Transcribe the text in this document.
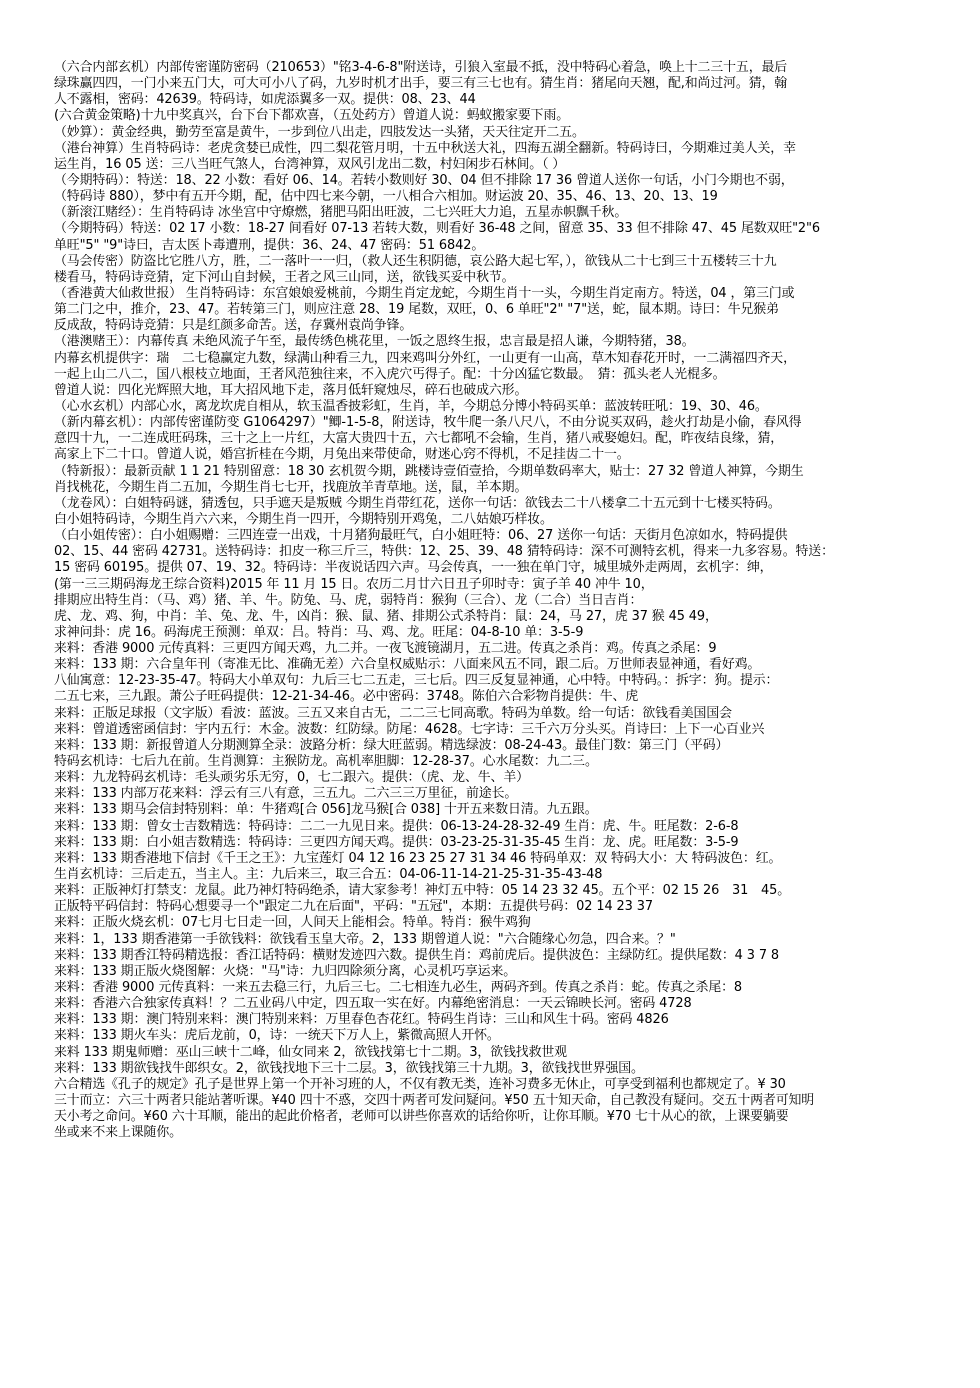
（六合内部玄机）内部传密谨防密码（210653）"铭3-4-6-8"附送诗，引狼入室最不抵，没中特码心着急，唤上十二三十五，最后

绿珠赢四四，一门小来五门大，可大可小八了码，九岁时机才出手，要三有三七也有。猜生肖：猪尾向天翘，配,和尚过河。猜，翰

人不露相，密码：42639。特码诗，如虎添翼多一双。提供：08、23、44

(六合黄金策略)十九中奖真兴，台下台下都欢喜，（五处药方）曾道人说：蚂蚁搬家要下雨。

（妙算）：黄金经典，勤劳至富是黄牛，一步到位八出走，四肢发达一头猪，天天往定开二五。

（港台神算）生肖特码诗：老虎贪婪已成性，四二梨花管月明，十五中秋送大礼，四海五湖全翻新。特码诗曰，今期难过美人关，幸

运生肖，16 05 送：三八当旺气煞人，台湾神算，双风引龙出二数，村妇闲步石林间。（ ）

（今期特码）：特送：18、22 小数：看好 06、14。若转小数则好 30、04 但不排除 17 36 曾道人送你一句话，小门今期也不弱，

（特码诗 880），梦中有五开今期，配，估中四七来今朝，一八相合六相加。财运波 20、35、46、13、20、13、19

（新滚江赌经）：生肖特码诗 冰坐宫中守燎燃，猪肥马阳出旺波，二七兴旺大力追，五星赤帜飘千秋。

（今期特码）特送：02 17 小数：18-27 间看好 07-13 若转大数，则看好 36-48 之间，留意 35、33 但不排除 47、45 尾数双旺"2"6

单旺"5" "9"诗曰，吉太医卜毒遭刑，提供：36、24、47 密码：51 6842。

（马会传密）防盗比它胜八方，胜，二一落叶一一归，（救人还生积阴德，哀公路大起七军，），欲钱从二十七到三十五楼转三十九

楼看马，特码诗竞猜，定下河山自封候，王者之风三山同，送，欲钱买妥中秋节。

（香港黄大仙救世报） 生肖特码诗：东宫娘娘爱桃前，今期生肖定龙蛇，今期生肖十一头，今期生肖定南方。特送，04 ，第三门或

第二门之中，推介，23、47。若转第三门，则应注意 28、19 尾数，双旺，0、6 单旺"2" "7"送，蛇，鼠本期。诗曰：牛兄猴弟

反成敌，特码诗竞猜：只是红颜多命苦。送，存冀州袁尚争锋。

（港澳赌王）：内幕传真 未绝风流子午至，最传绣色桃花里，一饭之恩终生报，忠言最是招人谦，今期特猪，38。

内幕玄机提供字：瑞　二七稳赢定九数，绿满山种看三九，四来鸡叫分外红，一山更有一山高，草木知春花开时，一二满福四齐天，

一起上山二八二，国八根枝立地面，王者风范独往来，不入虎穴丐得子。配：十分凶猛它数最。　猜：孤头老人光棍多。

曾道人说：四化光辉照大地，耳大招风地下走，落月低轩窥烛尽，碎石也破成六形。

（心水玄机）内部心水，离龙坎虎自相从，软玉温香披彩虹，生肖，羊，今期总分博小特码买单：蓝波转旺吼：19、30、46。

（新内幕玄机）：内部传密谨防变 G1064297）"鲫-1-5-8，附送诗，牧牛爬一条八尺八，不由分说买双码，趁火打劫是小偷，春风得

意四十九，一二连成旺码珠，三十之上一片红，大富大贵四十五，六七都吼不会输，生肖，猪八戒娶媳妇。配，昨夜结良缘，猜，

高家上下二十口。曾道人说，婚宫折桂在今期，月兔出来带使命，财迷心窍不得机，不足挂齿二十一。

（特新报）：最新贡献 1 1 21 特别留意：18 30 玄机贺今期，跳楼诗壹佰壹拾，今期单数码率大，贴士：27 32 曾道人神算，今期生

肖找桃花，今期生肖二五加，今期生肖七七开，找鹿放羊青草地。送，鼠，羊本期。

（龙卷风）：白姐特码谜，猜透包，只手遮天是叛贼 今期生肖带红花，送你一句话：欲钱去二十八楼拿二十五元到十七楼买特码。

白小姐特码诗，今期生肖六六来，今期生肖一四开，今期特别开鸡兔，二八姑娘巧样妆。

（白小姐传密）：白小姐赐赠：三四连壹一出戏，十月猪狗最旺气，白小姐旺特：06、27 送你一句话：天街月色凉如水，特码提供

02、15、44 密码 42731。送特码诗：扣皮一称三斤三，特供：12、25、39、48 猜特码诗：深不可测特玄机，得来一九多容易。特送：

15 密码 60195。提供 07、19、32。特码诗：半夜说话四六声。马会传真，一一独在单门守，城里城外走两周，玄机字：绅，

(第一三三期码海龙王综合资料)2015 年 11 月 15 日。农历二月廿六日丑子卯时寺：寅子羊 40 冲牛 10，

排期应出特生肖：（马、鸡）猪、羊、牛。防兔、马、虎，弱特肖：猴狗（三合）、龙（二合）当日吉肖：

虎、龙、鸡、狗，中肖：羊、兔、龙、牛，凶肖：猴、鼠、猪、排期公式杀特肖：鼠：24，马 27，虎 37 猴 45 49，

求神问卦：虎 16。码海虎王预测：单双：吕。特肖：马、鸡、龙。旺尾：04-8-10 单：3-5-9

来料：香港 9000 元传真料：三更四方闻天鸡，九二并。一夜飞渡镜湖月，五二进。传真之杀肖：鸡。传真之杀尾：9

来料：133 期：六合皇年刊（寄准无比、准确无差）六合皇权威贴示：八面来风五不同，跟二后。万世师表显神通，看好鸡。

八仙寓意：12-23-35-47。特码大小单双句：九后三七二五走，三七后。四三反复显神通，心中特。中特码。：拆字：狗。提示：

二五七来，三九跟。萧公子旺码提供：12-21-34-46。必中密码：3748。陈伯六合彩物肖提供：牛、虎

来料：正版足球报（文字版）看波：蓝波。三五又来自古无，二二三七同高歌。特码为单数。给一句话：欲钱看美国国会

来料：曾道透密函信封：宇内五行：木金。波数：红防绿。防尾：4628。七字诗：三千六万分头买。肖诗曰：上下一心百业兴

来料：133 期：新报曾道人分期测算全录：波路分析：绿大旺蓝弱。精选绿波：08-24-43。最佳门数：第三门（平码）

特码玄机诗：七后九在前。生肖测算：主猴防龙。高机率胆脚：12-28-37。心水尾数：九二三。

来料：九龙特码玄机诗：毛头顽劣乐无穷，0，七二跟六。提供：（虎、龙、牛、羊）

来料：133 内部万花来料：浮云有三八有意，三五九。二六三三万里征，前途长。

来料：133 期马会信封特别料：单：牛猪鸡[合 056]龙马猴[合 038] 十开五来数日清。九五跟。

来料：133 期：曾女士吉数精选：特码诗：二二一九见日来。提供：06-13-24-28-32-49 生肖：虎、牛。旺尾数：2-6-8

来料：133 期：白小姐吉数精选：特码诗：三更四方闻天鸡。提供：03-23-25-31-35-45 生肖：龙、虎。旺尾数：3-5-9

来料：133 期香港地下信封《千王之王》：九宝莲灯 04 12 16 23 25 27 31 34 46 特码单双：双 特码大小：大 特码波色：红。

生肖玄机诗：三后走五，当主人。主：九后来三，取三合五：04-06-11-14-21-25-31-35-43-48

来料：正版神灯打禁支：龙鼠。此乃神灯特码绝杀，请大家参考！神灯五中特：05 14 23 32 45。五个平：02 15 26　31　45。

正版特平码信封：特码心想要寻一个"跟定二九在后面"，平码："五冠"，本期：五提供号码：02 14 23 37

来料：正版火烧玄机：07七月七日走一回，人间天上能相会。特单。特肖：猴牛鸡狗

来料：1，133 期香港第一手欲钱料：欲钱看玉皇大帝。2，133 期曾道人说："六合随缘心勿急，四合来。？"

来料：133 期香江特码精选报：香江话特码：横财发迹四六数。提供生肖：鸡前虎后。提供波色：主绿防红。提供尾数：4 3 7 8

来料：133 期正版火烧图解：火烧："马"诗：九归四除须分离，心灵机巧享运来。

来料：香港 9000 元传真料：一来五去稳三行，九后三七。二七相连九必生，两码齐到。传真之杀肖：蛇。传真之杀尾：8

来料：香港六合独家传真料！？二五业码八中定，四五取一实在好。内幕绝密消息：一天云锦映长河。密码 4728

来料：133 期：澳门特别来料：澳门特别来料：万里春色杏花红。特码生肖诗：三山和风生十码。密码 4826

来料：133 期火车头：虎后龙前，0，诗：一统天下万人上，紫微高照人开怀。

来料 133 期鬼师赠：巫山三峡十二峰，仙女同来 2，欲钱找第七十二期。3，欲钱找救世观

来料：133 期欲钱找牛郎织女。2，欲钱找地下三十二层。3，欲钱找第三十九期。3，欲钱找世界强国。

六合精选《孔子的规定》孔子是世界上第一个开补习班的人，不仅有教无类，连补习费多无休止，可享受到福利也都规定了。¥ 30

三十而立：六三十两者只能站著听课。¥40 四十不惑，交四十两者可发问疑问。¥50 五十知天命，自己教没有疑问。交五十两者可知明

天小考之命问。¥60 六十耳顺，能出的起此价格者，老师可以讲些你喜欢的话给你听，让你耳顺。¥70 七十从心的欲，上课要躺要

坐或来不来上课随你。
